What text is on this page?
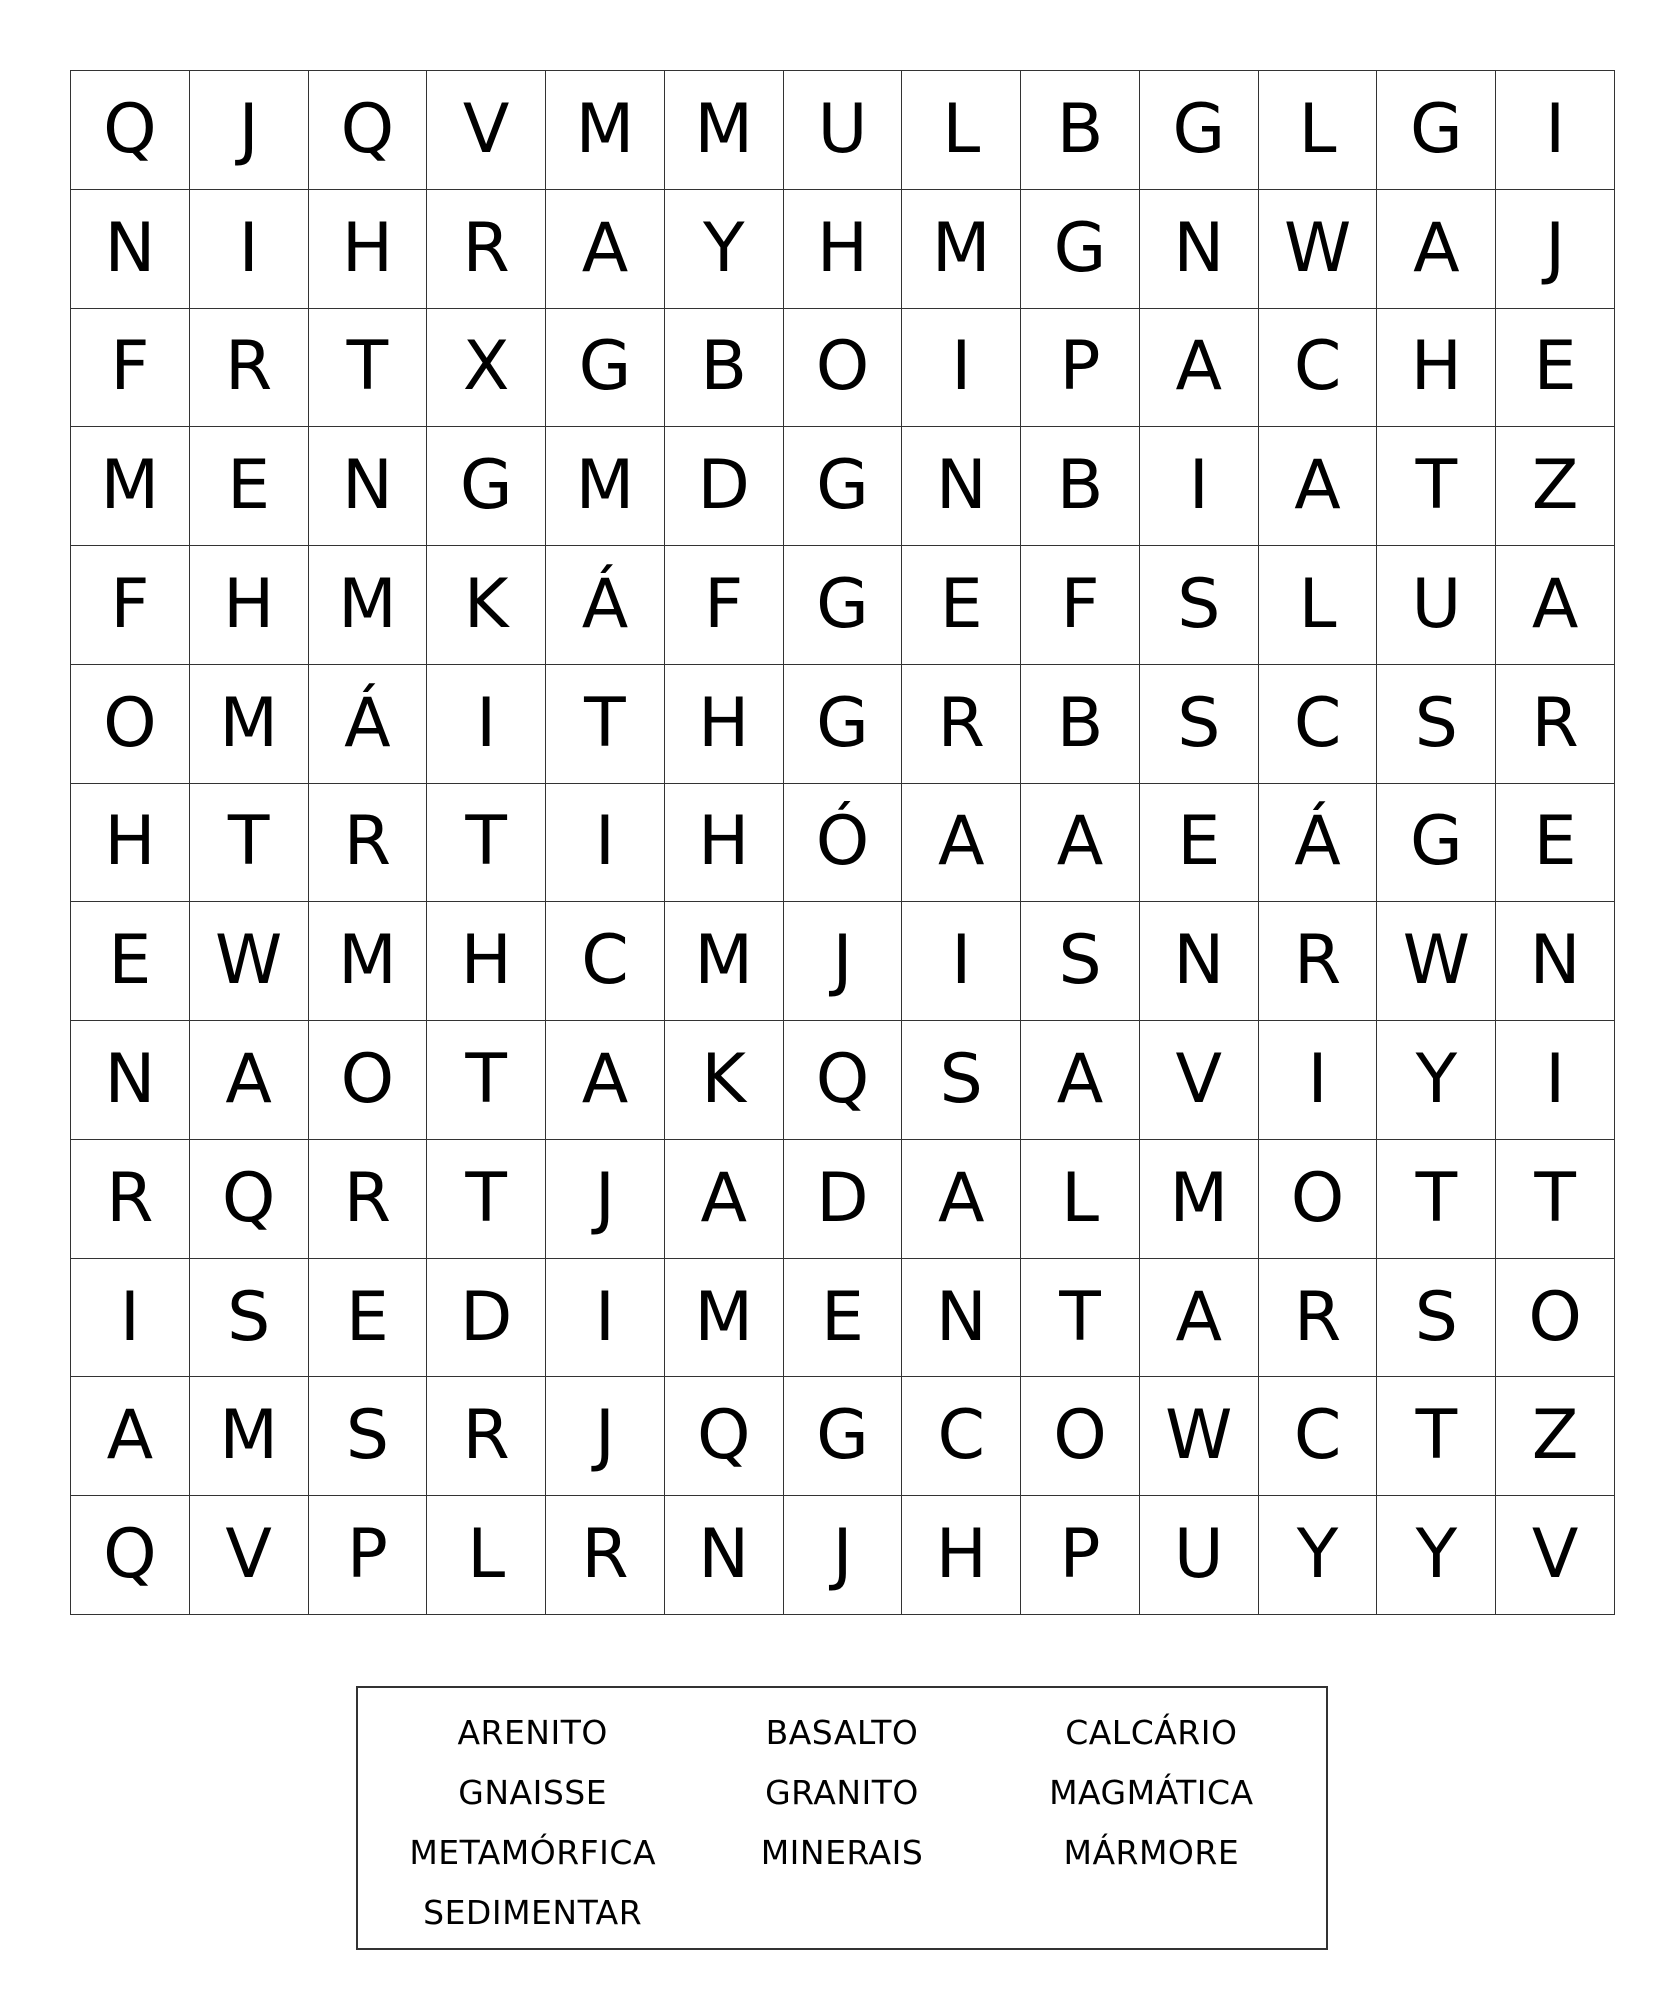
Q	J	Q	V M M U	L	B	G	L	G	I
N	I	H	R	A	Y	H M G N W A	J
F	R	T	X	G	B	O	I	P	A	C	H	E
M E	N G M D G N	B	I	A	T	Z
F	H M K	Á	F	G	E	F	S	L	U	A
O M Á	I	T	H G	R	B	S	C	S	R
H	T	R	T	I	H Ó	A	A	E	Á	G	E
E W M H	C M	J	I	S	N	R W N
N	A	O	T	A	K	Q	S	A	V	I	Y	I
R	Q	R	T	J	A	D	A	L	M O	T	T
I	S	E	D	I	M E	N	T	A	R	S	O
A M S	R	J	Q G	C	O W C	T	Z
Q	V	P	L	R	N	J	H	P	U	Y	Y	V
ARENITO	BASALTO	CALCÁRIO
GNAISSE	GRANITO	MAGMÁTICA
METAMÓRFICA	MINERAIS	MÁRMORE
SEDIMENTAR
